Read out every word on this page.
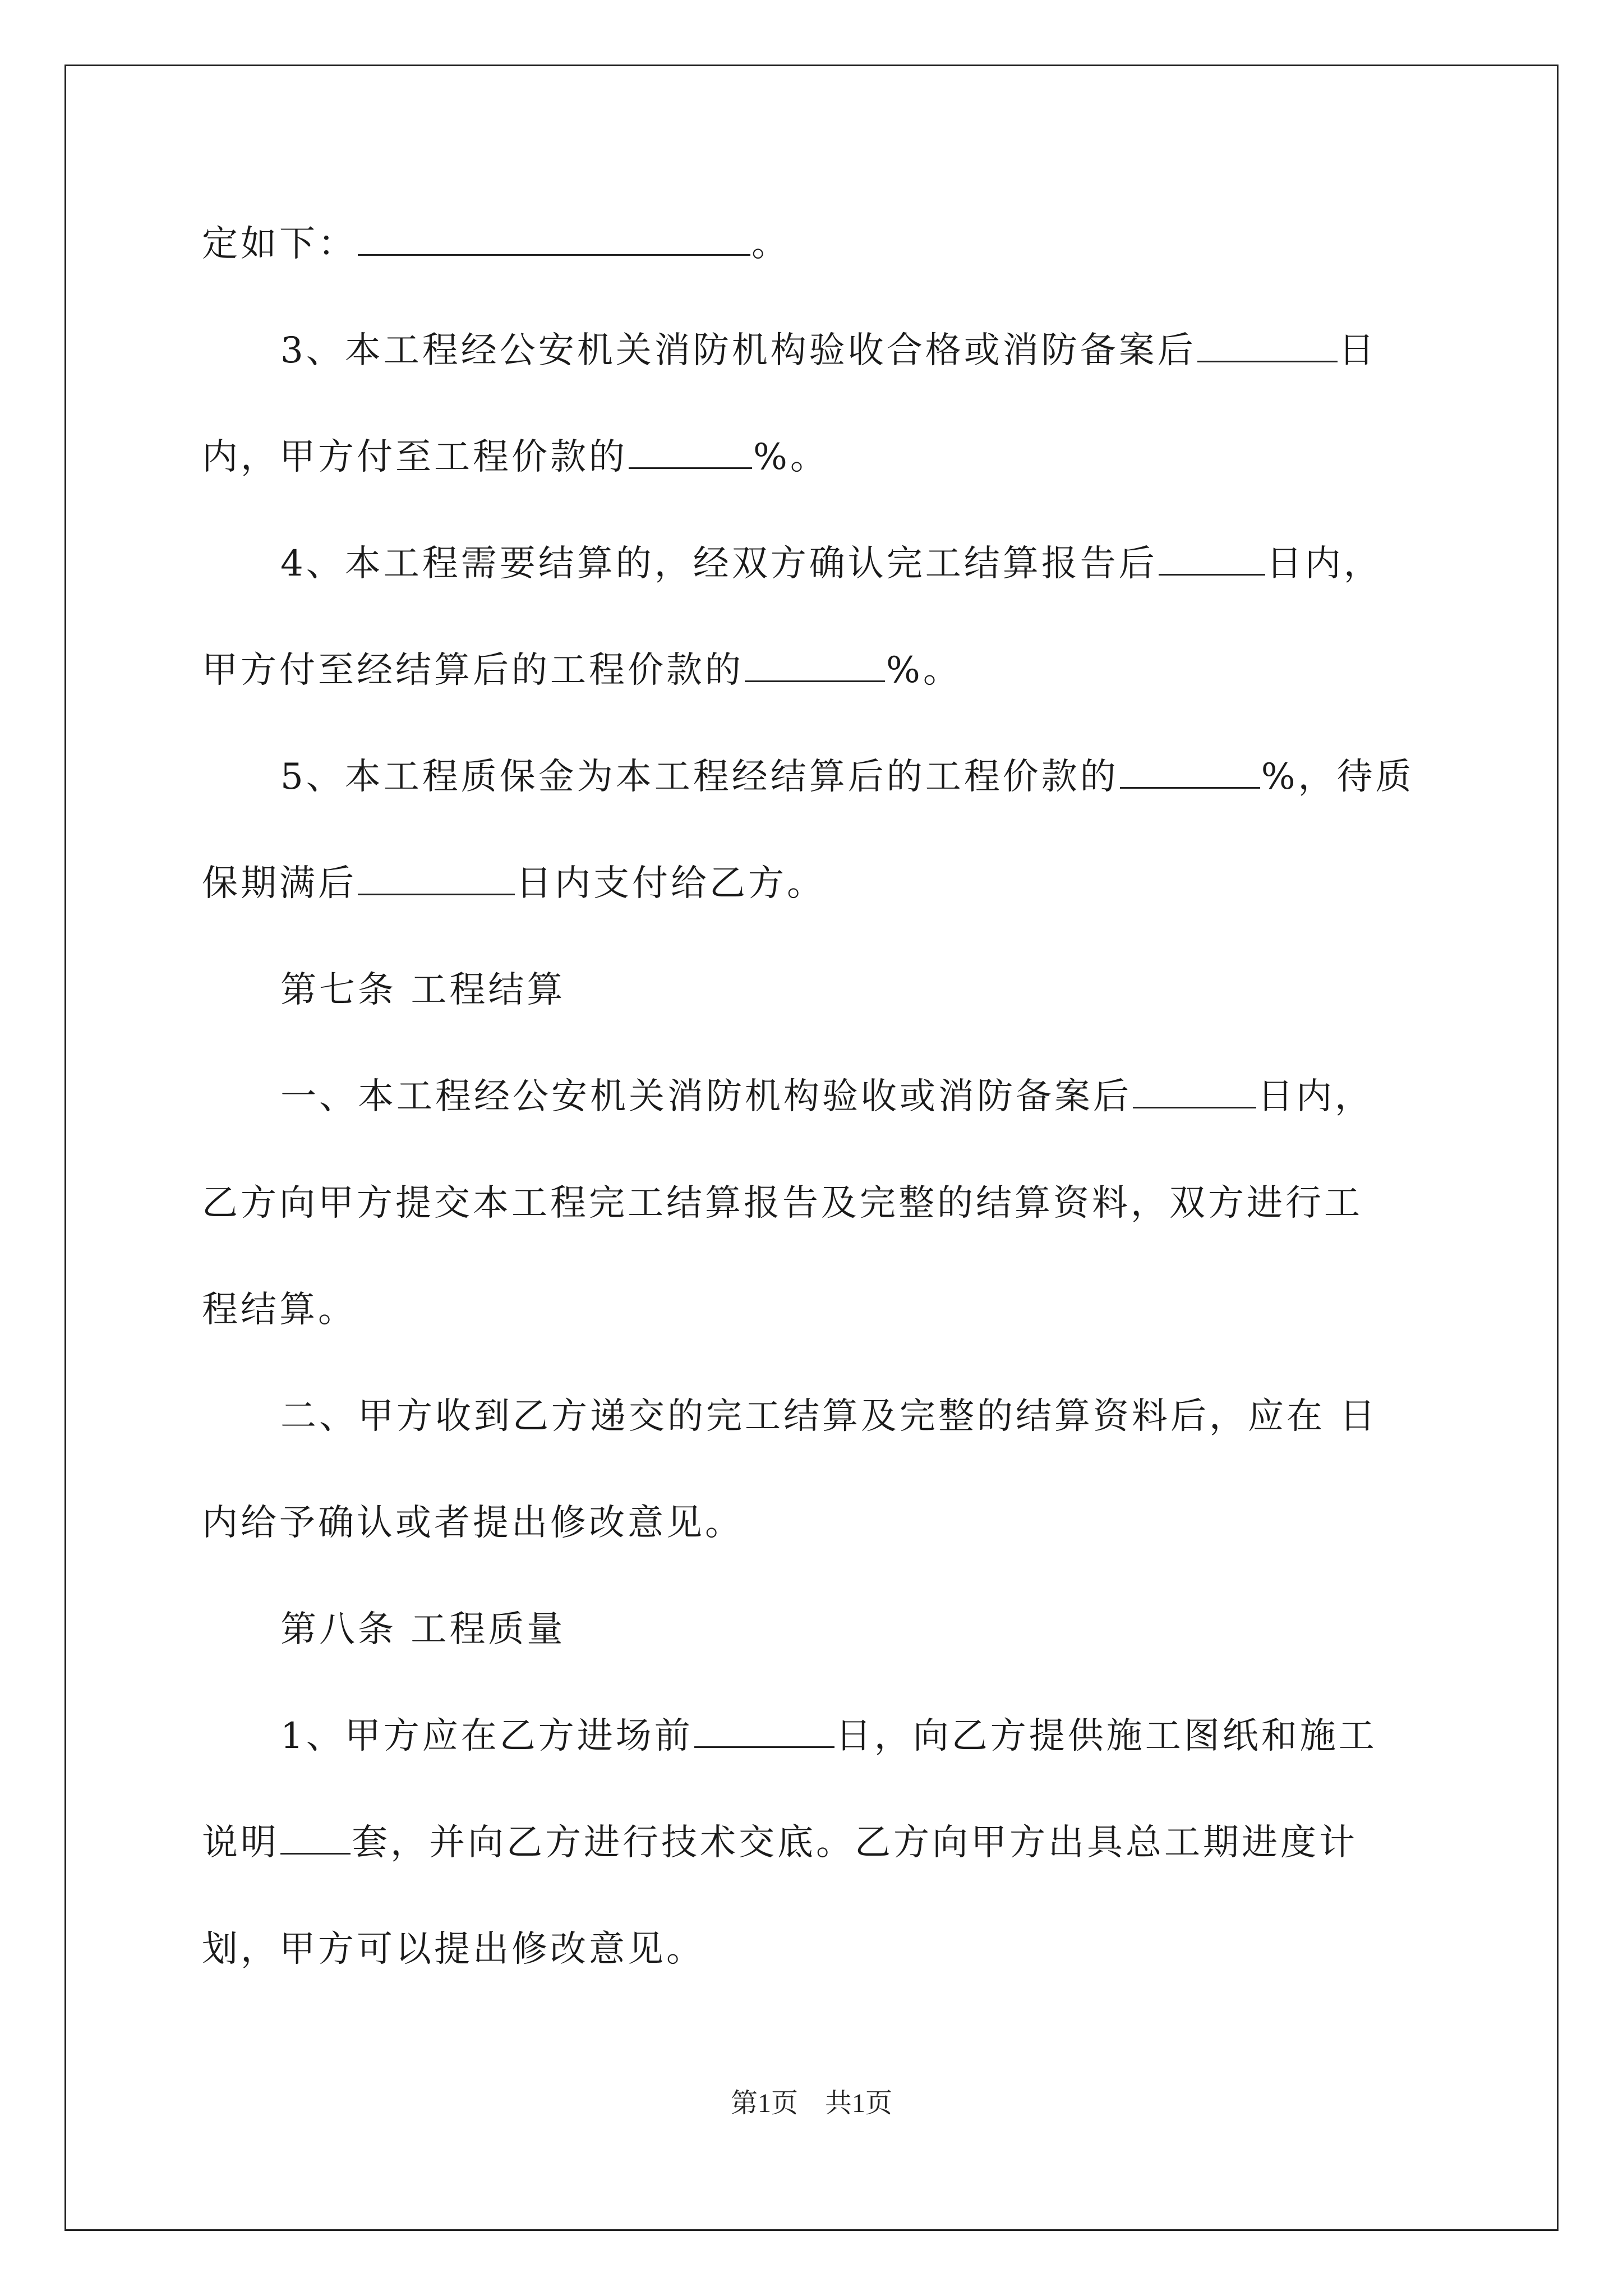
定如下：	。
3、本工程经公安机关消防机构验收合格或消防备案后	日
内，甲方付至工程价款的	%。
4、本工程需要结算的，经双方确认完工结算报告后	日内，
甲方付至经结算后的工程价款的	%。
5、本工程质保金为本工程经结算后的工程价款的	%，待质
保期满后	日内支付给乙方。
第七条 工程结算
一、本工程经公安机关消防机构验收或消防备案后	日内，
乙方向甲方提交本工程完工结算报告及完整的结算资料，双方进行工
程结算。
二、甲方收到乙方递交的完工结算及完整的结算资料后，应在 日
内给予确认或者提出修改意见。
第八条 工程质量
1、甲方应在乙方进场前	日，向乙方提供施工图纸和施工
说明 套，并向乙方进行技术交底。乙方向甲方出具总工期进度计
划，甲方可以提出修改意见。
第1页　共1页
